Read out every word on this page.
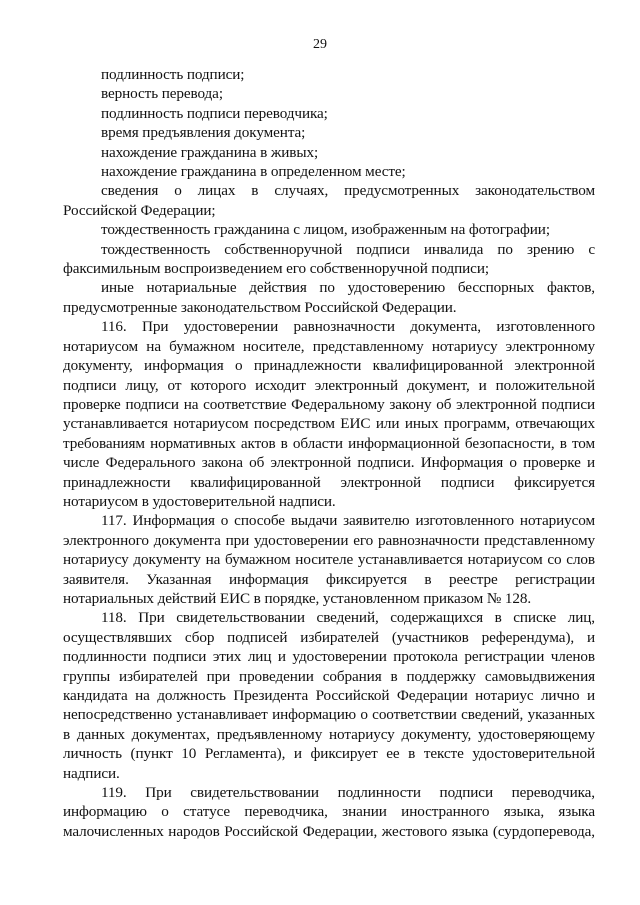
29

подлинность подписи;

верность перевода;

подлинность подписи переводчика;

время предъявления документа;

нахождение гражданина в живых;

нахождение гражданина в определенном месте;

сведения о лицах в случаях, предусмотренных законодательством Российской Федерации;

тождественность гражданина с лицом, изображенным на фотографии;

тождественность собственноручной подписи инвалида по зрению с факсимильным воспроизведением его собственноручной подписи;

иные нотариальные действия по удостоверению бесспорных фактов, предусмотренные законодательством Российской Федерации.

116. При удостоверении равнозначности документа, изготовленного нотариусом на бумажном носителе, представленному нотариусу электронному документу, информация о принадлежности квалифицированной электронной подписи лицу, от которого исходит электронный документ, и положительной проверке подписи на соответствие Федеральному закону об электронной подписи устанавливается нотариусом посредством ЕИС или иных программ, отвечающих требованиям нормативных актов в области информационной безопасности, в том числе Федерального закона об электронной подписи. Информация о проверке и принадлежности квалифицированной электронной подписи фиксируется нотариусом в удостоверительной надписи.

117. Информация о способе выдачи заявителю изготовленного нотариусом электронного документа при удостоверении его равнозначности представленному нотариусу документу на бумажном носителе устанавливается нотариусом со слов заявителя. Указанная информация фиксируется в реестре регистрации нотариальных действий ЕИС в порядке, установленном приказом № 128.

118. При свидетельствовании сведений, содержащихся в списке лиц, осуществлявших сбор подписей избирателей (участников референдума), и подлинности подписи этих лиц и удостоверении протокола регистрации членов группы избирателей при проведении собрания в поддержку самовыдвижения кандидата на должность Президента Российской Федерации нотариус лично и непосредственно устанавливает информацию о соответствии сведений, указанных в данных документах, предъявленному нотариусу документу, удостоверяющему личность (пункт 10 Регламента), и фиксирует ее в тексте удостоверительной надписи.

119. При свидетельствовании подлинности подписи переводчика, информацию о статусе переводчика, знании иностранного языка, языка малочисленных народов Российской Федерации, жестового языка (сурдоперевода,
